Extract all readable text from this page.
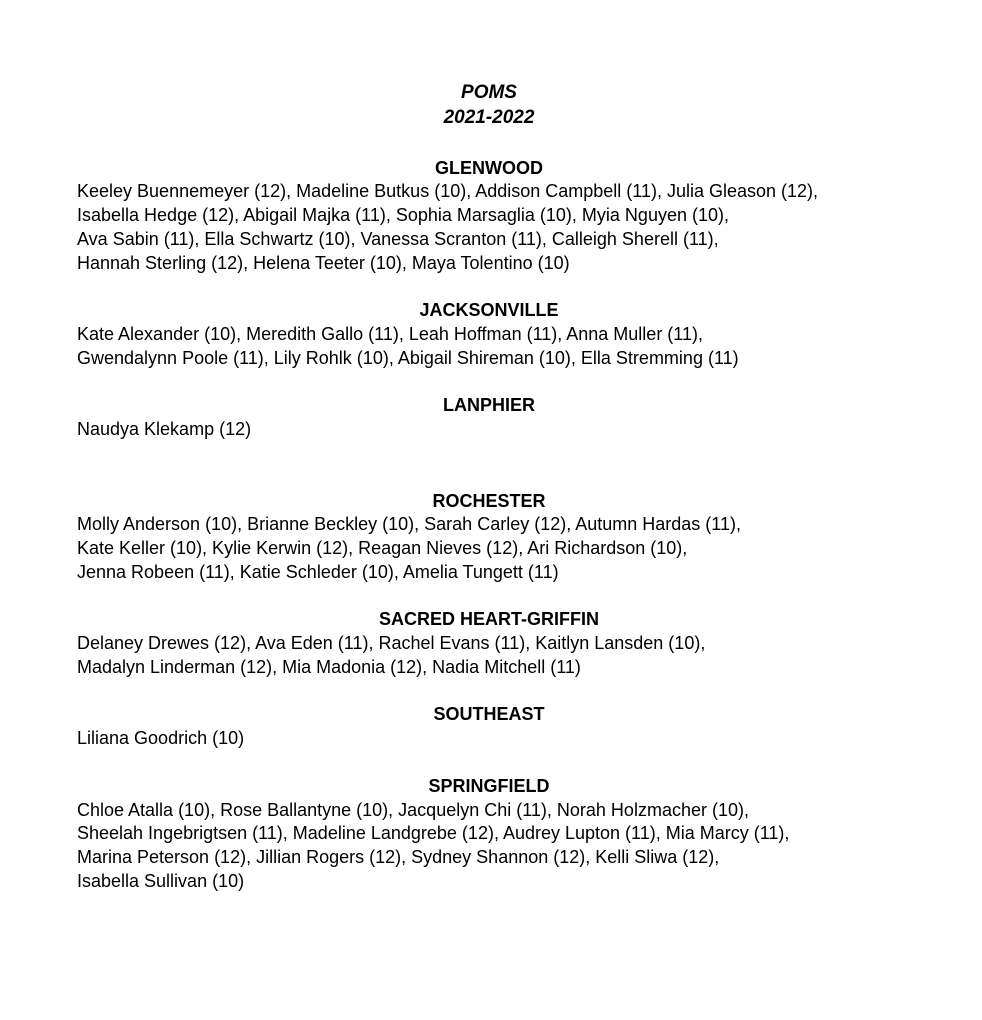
POMS
2021-2022
GLENWOOD
Keeley Buennemeyer (12), Madeline Butkus (10), Addison Campbell (11), Julia Gleason (12),
Isabella Hedge (12), Abigail Majka (11), Sophia Marsaglia (10), Myia Nguyen (10),
Ava Sabin (11), Ella Schwartz (10), Vanessa Scranton (11), Calleigh Sherell (11),
Hannah Sterling (12), Helena Teeter (10), Maya Tolentino (10)
JACKSONVILLE
Kate Alexander (10), Meredith Gallo (11), Leah Hoffman (11), Anna Muller (11),
Gwendalynn Poole (11), Lily Rohlk (10), Abigail Shireman (10), Ella Stremming (11)
LANPHIER
Naudya Klekamp (12)
ROCHESTER
Molly Anderson (10), Brianne Beckley (10), Sarah Carley (12), Autumn Hardas (11),
Kate Keller (10), Kylie Kerwin (12), Reagan Nieves (12), Ari Richardson (10),
Jenna Robeen (11), Katie Schleder (10), Amelia Tungett (11)
SACRED HEART-GRIFFIN
Delaney Drewes (12), Ava Eden (11), Rachel Evans (11), Kaitlyn Lansden (10),
Madalyn Linderman (12), Mia Madonia (12), Nadia Mitchell (11)
SOUTHEAST
Liliana Goodrich (10)
SPRINGFIELD
Chloe Atalla (10), Rose Ballantyne (10), Jacquelyn Chi (11), Norah Holzmacher (10),
Sheelah Ingebrigtsen (11), Madeline Landgrebe (12), Audrey Lupton (11), Mia Marcy (11),
Marina Peterson (12), Jillian Rogers (12), Sydney Shannon (12), Kelli Sliwa (12),
Isabella Sullivan (10)
